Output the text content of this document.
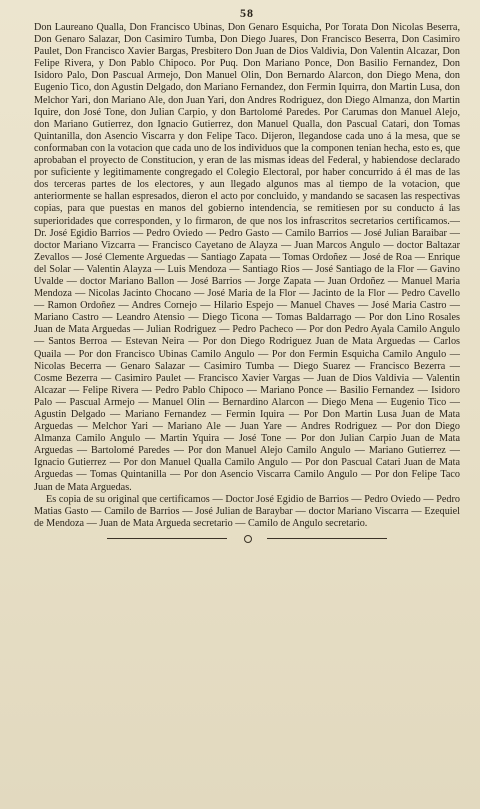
58

Don Laureano Qualla, Don Francisco Ubinas, Don Genaro Esquicha, Por Torata Don Nicolas Beserra, Don Genaro Salazar, Don Casimiro Tumba, Don Diego Juares, Don Francisco Beserra, Don Casimiro Paulet, Don Francisco Xavier Bargas, Presbitero Don Juan de Dios Valdivia, Don Valentin Alcazar, Don Felipe Rivera, y Don Pablo Chipoco. Por Puq. Don Mariano Ponce, Don Basilio Fernandez, Don Isidoro Palo, Don Pascual Armejo, Don Manuel Olin, Don Bernardo Alarcon, don Diego Mena, don Eugenio Tico, don Agustin Delgado, don Mariano Fernandez, don Fermin Iquirra, don Martin Lusa, don Melchor Yari, don Mariano Ale, don Juan Yari, don Andres Rodriguez, don Diego Almanza, don Martin Iquire, don José Tone, don Julian Carpio, y don Bartolomé Paredes. Por Carumas don Manuel Alejo, don Mariano Gutierrez, don Ignacio Gutierrez, don Manuel Qualla, don Pascual Catari, don Tomas Quintanilla, don Asencio Viscarra y don Felipe Taco. Dijeron, llegandose cada uno á la mesa, que se conformaban con la votacion que cada uno de los individuos que la componen tenian hecha, esto es, que aprobaban el proyecto de Constitucion, y eran de las mismas ideas del Federal, y habiendose declarado por suficiente y legitimamente congregado el Colegio Electoral, por haber concurrido á él mas de las dos terceras partes de los electores, y aun llegado algunos mas al tiempo de la votacion, que anteriormente se hallan espresados, dieron el acto por concluido, y mandando se sacasen las respectivas copias, para que puestas en manos del gobierno intendencia, se remitiesen por su conducto á las superioridades que corresponden, y lo firmaron, de que nos los infrascritos secretarios certificamos.—Dr. José Egidio Barrios — Pedro Oviedo — Pedro Gasto — Camilo Barrios — José Julian Baraibar — doctor Mariano Vizcarra — Francisco Cayetano de Alayza — Juan Marcos Angulo — doctor Baltazar Zevallos — José Clemente Arguedas — Santiago Zapata — Tomas Ordoñez — José de Roa — Enrique del Solar — Valentin Alayza — Luis Mendoza — Santiago Rios — José Santiago de la Flor — Gavino Uvalde — doctor Mariano Ballon — José Barrios — Jorge Zapata — Juan Ordoñez — Manuel Maria Mendoza — Nicolas Jacinto Chocano — José Maria de la Flor — Jacinto de la Flor — Pedro Cavello — Ramon Ordoñez — Andres Cornejo — Hilario Espejo — Manuel Chaves — José Maria Castro — Mariano Castro — Leandro Atensio — Diego Ticona — Tomas Baldarrago — Por don Lino Rosales Juan de Mata Arguedas — Julian Rodriguez — Pedro Pacheco — Por don Pedro Ayala Camilo Angulo — Santos Berroa — Estevan Neira — Por don Diego Rodriguez Juan de Mata Arguedas — Carlos Quaila — Por don Francisco Ubinas Camilo Angulo — Por don Fermin Esquicha Camilo Angulo — Nicolas Becerra — Genaro Salazar — Casimiro Tumba — Diego Suarez — Francisco Bezerra — Cosme Bezerra — Casimiro Paulet — Francisco Xavier Vargas — Juan de Dios Valdivia — Valentin Alcazar — Felipe Rivera — Pedro Pablo Chipoco — Mariano Ponce — Basilio Fernandez — Isidoro Palo — Pascual Armejo — Manuel Olin — Bernardino Alarcon — Diego Mena — Eugenio Tico — Agustin Delgado — Mariano Fernandez — Fermin Iquira — Por Don Martin Lusa Juan de Mata Arguedas — Melchor Yari — Mariano Ale — Juan Yare — Andres Rodriguez — Por don Diego Almanza Camilo Angulo — Martin Yquira — José Tone — Por don Julian Carpio Juan de Mata Arguedas — Bartolomé Paredes — Por don Manuel Alejo Camilo Angulo — Mariano Gutierrez — Ignacio Gutierrez — Por don Manuel Qualla Camilo Angulo — Por don Pascual Catari Juan de Mata Arguedas — Tomas Quintanilla — Por don Asencio Viscarra Camilo Angulo — Por don Felipe Taco Juan de Mata Arguedas.

Es copia de su original que certificamos — Doctor José Egidio de Barrios — Pedro Oviedo — Pedro Matias Gasto — Camilo de Barrios — José Julian de Baraybar — doctor Mariano Viscarra — Ezequiel de Mendoza — Juan de Mata Argueda secretario — Camilo de Angulo secretario.
